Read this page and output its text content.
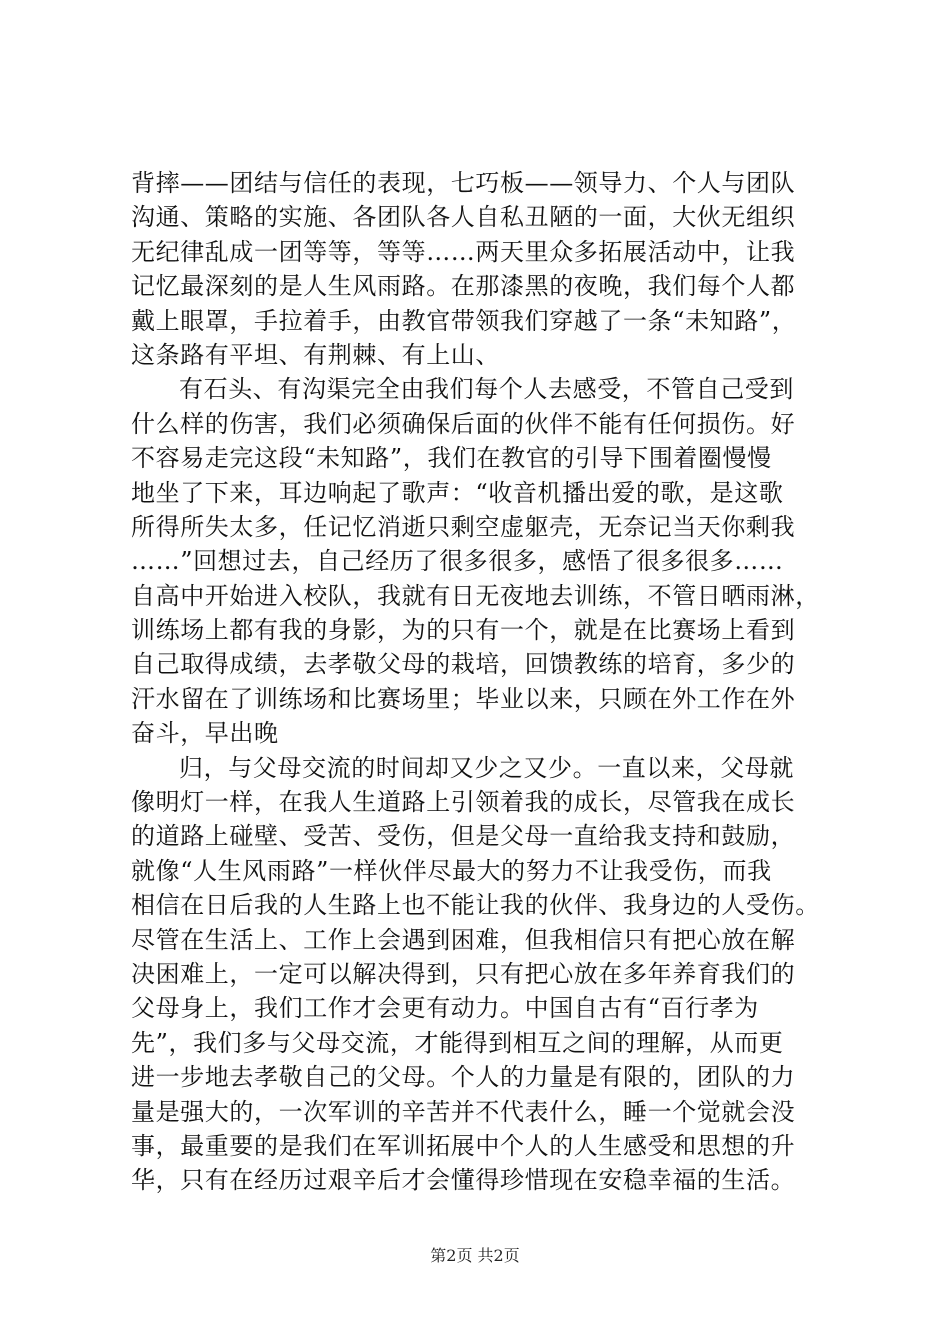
背摔——团结与信任的表现，七巧板——领导力、个人与团队
沟通、策略的实施、各团队各人自私丑陋的一面，大伙无组织
无纪律乱成一团等等，等等……两天里众多拓展活动中，让我
记忆最深刻的是人生风雨路。在那漆黑的夜晚，我们每个人都
戴上眼罩，手拉着手，由教官带领我们穿越了一条“未知路”，
这条路有平坦、有荆棘、有上山、
有石头、有沟渠完全由我们每个人去感受，不管自己受到
什么样的伤害，我们必须确保后面的伙伴不能有任何损伤。好
不容易走完这段“未知路”，我们在教官的引导下围着圈慢慢
地坐了下来，耳边响起了歌声：“收音机播出爱的歌，是这歌
所得所失太多，任记忆消逝只剩空虚躯壳，无奈记当天你剩我
……”回想过去，自己经历了很多很多，感悟了很多很多……
自高中开始进入校队，我就有日无夜地去训练，不管日晒雨淋，
训练场上都有我的身影，为的只有一个，就是在比赛场上看到
自己取得成绩，去孝敬父母的栽培，回馈教练的培育，多少的
汗水留在了训练场和比赛场里；毕业以来，只顾在外工作在外
奋斗，早出晚
归，与父母交流的时间却又少之又少。一直以来，父母就
像明灯一样，在我人生道路上引领着我的成长，尽管我在成长
的道路上碰壁、受苦、受伤，但是父母一直给我支持和鼓励，
就像“人生风雨路”一样伙伴尽最大的努力不让我受伤，而我
相信在日后我的人生路上也不能让我的伙伴、我身边的人受伤。
尽管在生活上、工作上会遇到困难，但我相信只有把心放在解
决困难上，一定可以解决得到，只有把心放在多年养育我们的
父母身上，我们工作才会更有动力。中国自古有“百行孝为
先”，我们多与父母交流，才能得到相互之间的理解，从而更
进一步地去孝敬自己的父母。个人的力量是有限的，团队的力
量是强大的，一次军训的辛苦并不代表什么，睡一个觉就会没
事，最重要的是我们在军训拓展中个人的人生感受和思想的升
华，只有在经历过艰辛后才会懂得珍惜现在安稳幸福的生活。
第2页 共2页
